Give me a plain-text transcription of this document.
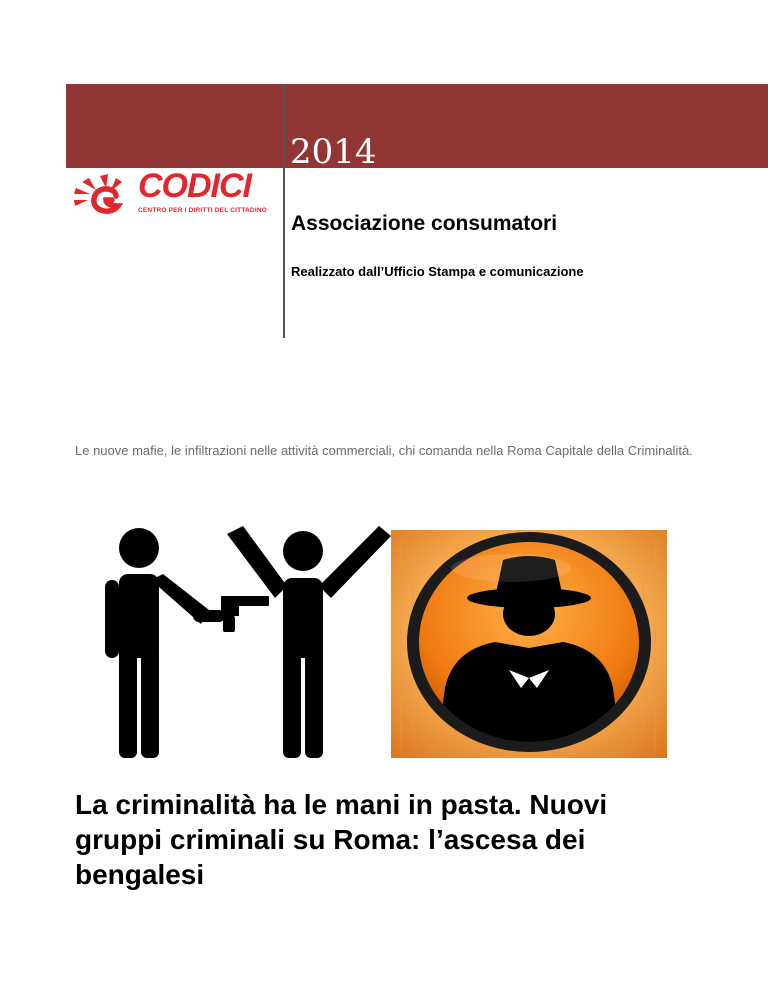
2014
CODICI
CENTRO PER I DIRITTI DEL CITTADINO
Associazione consumatori
Realizzato dall’Ufficio Stampa e comunicazione
Le nuove mafie, le infiltrazioni nelle attività commerciali, chi comanda nella Roma Capitale della Criminalità.
La criminalità ha le mani in pasta. Nuovi gruppi criminali su Roma: l’ascesa dei bengalesi
